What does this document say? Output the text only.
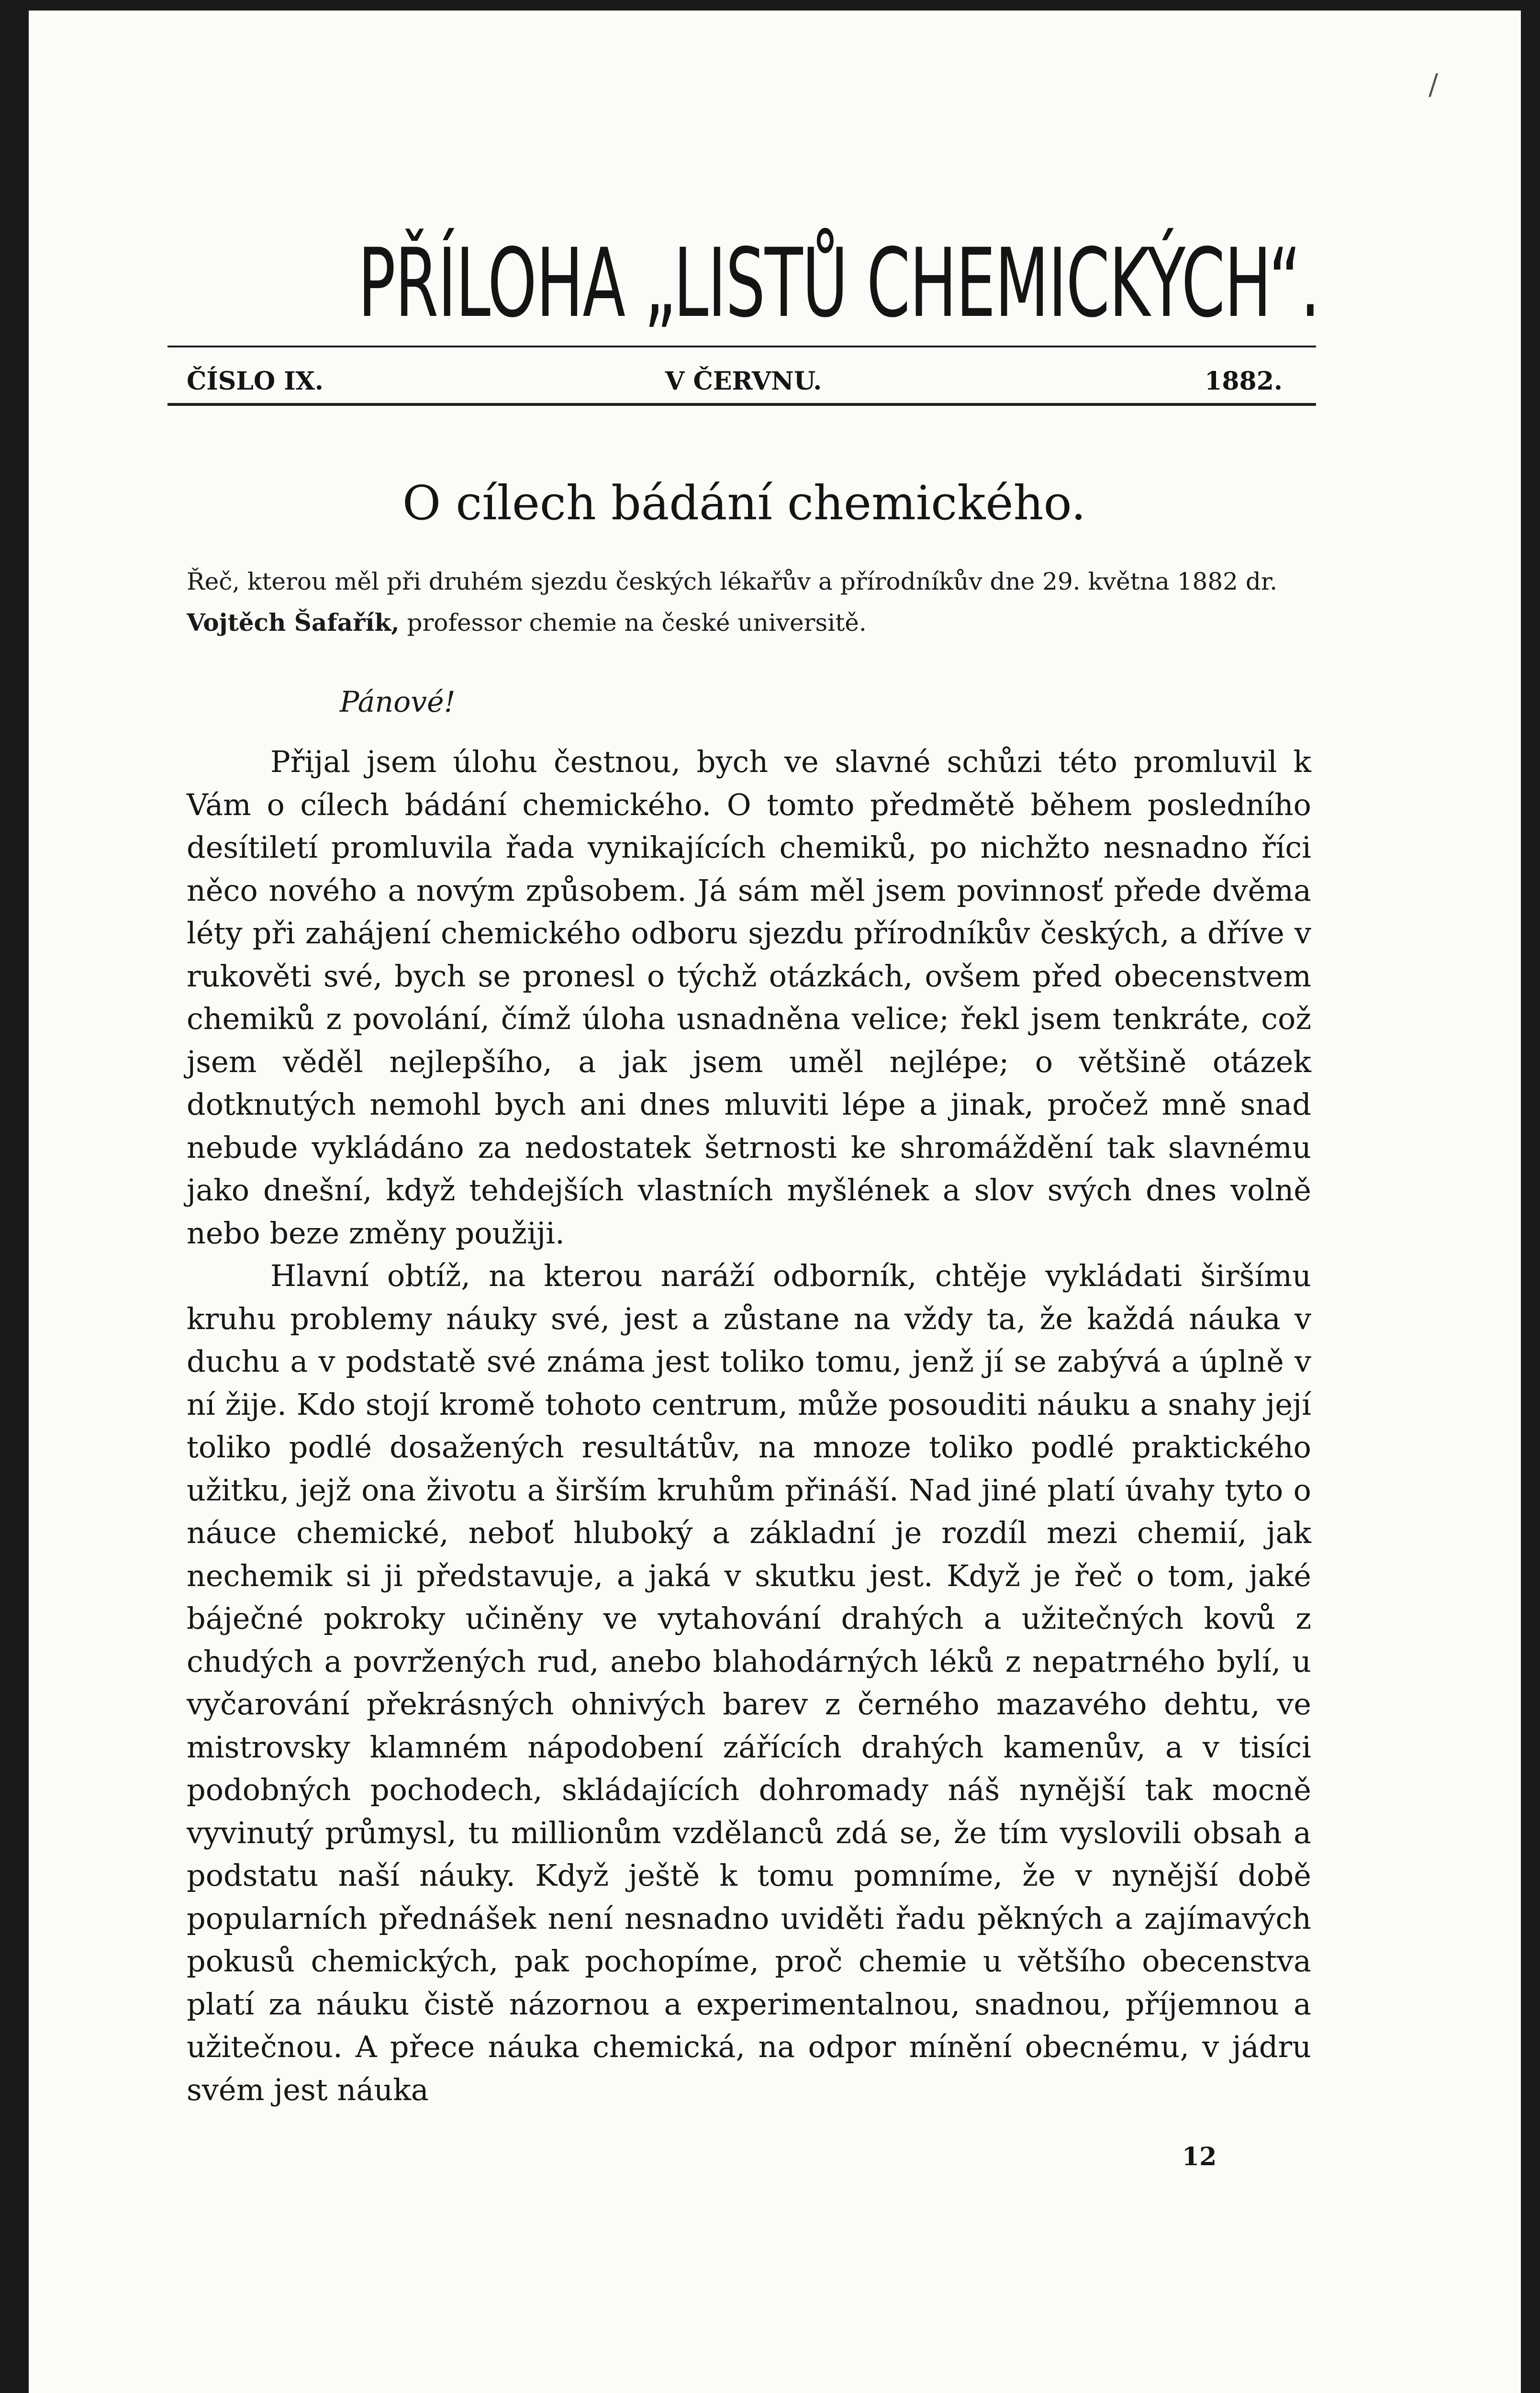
/
PŘÍLOHA „LISTŮ CHEMICKÝCH“.
ČÍSLO IX.	V ČERVNU.	1882.
O cílech bádání chemického.

Řeč, kterou měl při druhém sjezdu českých lékařův a přírodníkův dne 29. května 1882 dr. Vojtěch Šafařík, professor chemie na české universitě.

Pánové!

Přijal jsem úlohu čestnou, bych ve slavné schůzi této promluvil k Vám o cílech bádání chemického. O tomto předmětě během posledního desítiletí promluvila řada vynikajících chemiků, po nichžto nesnadno říci něco nového a novým způsobem. Já sám měl jsem povinnosť přede dvěma léty při zahájení chemického odboru sjezdu přírodníkův českých, a dříve v rukověti své, bych se pronesl o týchž otázkách, ovšem před obecenstvem chemiků z povolání, čímž úloha usnadněna velice; řekl jsem tenkráte, což jsem věděl nejlepšího, a jak jsem uměl nejlépe; o většině otázek dotknutých nemohl bych ani dnes mluviti lépe a jinak, pročež mně snad nebude vykládáno za nedostatek šetrnosti ke shromáždění tak slavnému jako dnešní, když tehdejších vlastních myšlének a slov svých dnes volně nebo beze změny použiji.

Hlavní obtíž, na kterou naráží odborník, chtěje vykládati širšímu kruhu problemy náuky své, jest a zůstane na vždy ta, že každá náuka v duchu a v podstatě své známa jest toliko tomu, jenž jí se zabývá a úplně v ní žije. Kdo stojí kromě tohoto centrum, může posouditi náuku a snahy její toliko podlé dosažených resultátův, na mnoze toliko podlé praktického užitku, jejž ona životu a širším kruhům přináší. Nad jiné platí úvahy tyto o náuce chemické, neboť hluboký a základní je rozdíl mezi chemií, jak nechemik si ji představuje, a jaká v skutku jest. Když je řeč o tom, jaké báječné pokroky učiněny ve vytahování drahých a užitečných kovů z chudých a povržených rud, anebo blahodárných léků z nepatrného bylí, u vyčarování překrásných ohnivých barev z černého mazavého dehtu, ve mistrovsky klamném nápodobení zářících drahých kamenův, a v tisíci podobných pochodech, skládajících dohromady náš nynější tak mocně vyvinutý průmysl, tu millionům vzdělanců zdá se, že tím vyslovili obsah a podstatu naší náuky. Když ještě k tomu pomníme, že v nynější době popularních přednášek není nesnadno uviděti řadu pěkných a zajímavých pokusů chemických, pak pochopíme, proč chemie u většího obecenstva platí za náuku čistě názornou a experimentalnou, snadnou, příjemnou a užitečnou. A přece náuka chemická, na odpor mínění obecnému, v jádru svém jest náuka

12
